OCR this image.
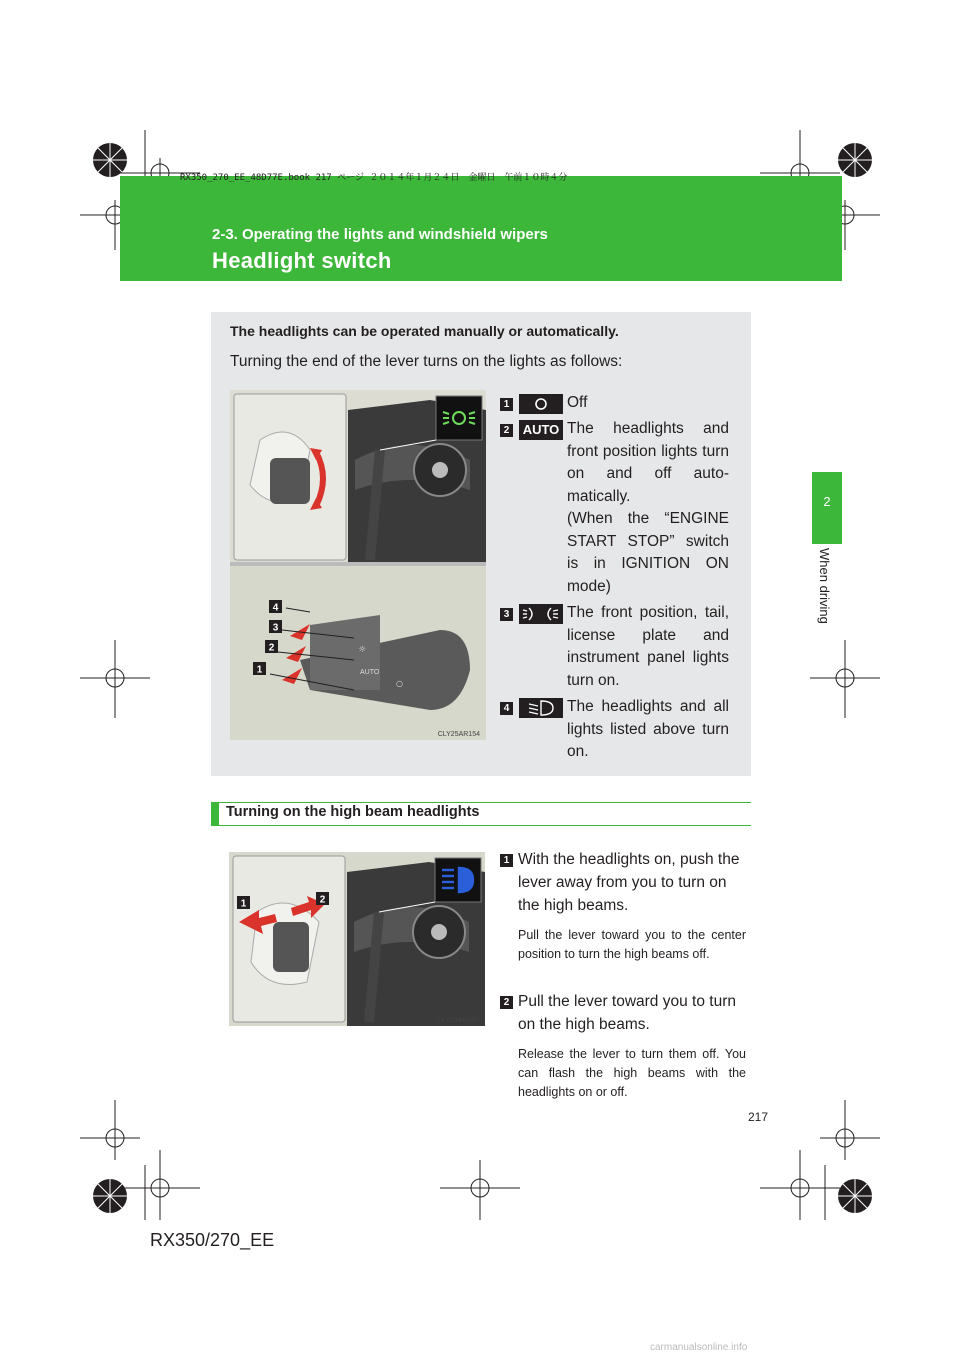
RX350_270_EE_48D77E.book 217 ページ ２０１４年１月２４日　金曜日　午前１０時４分
2-3. Operating the lights and windshield wipers
Headlight switch
2
When driving
The headlights can be operated manually or automatically.
Turning the end of the lever turns on the lights as follows:
1
2
3
4
AUTO
☼
○
CLY25AR154
1	Off
2 AUTO The headlights and front position lights turn on and off auto-matically.
(When the “ENGINE START STOP” switch is in IGNITION ON mode)
3	The front position, tail, license plate and instrument panel lights turn on.
4	The headlights and all lights listed above turn on.
Turning on the high beam headlights
1	2
CLY23AR156
1 With the headlights on, push the lever away from you to turn on the high beams.
Pull the lever toward you to the center position to turn the high beams off.
2 Pull the lever toward you to turn on the high beams.
Release the lever to turn them off. You can flash the high beams with the headlights on or off.
217
RX350/270_EE
carmanualsonline.info
